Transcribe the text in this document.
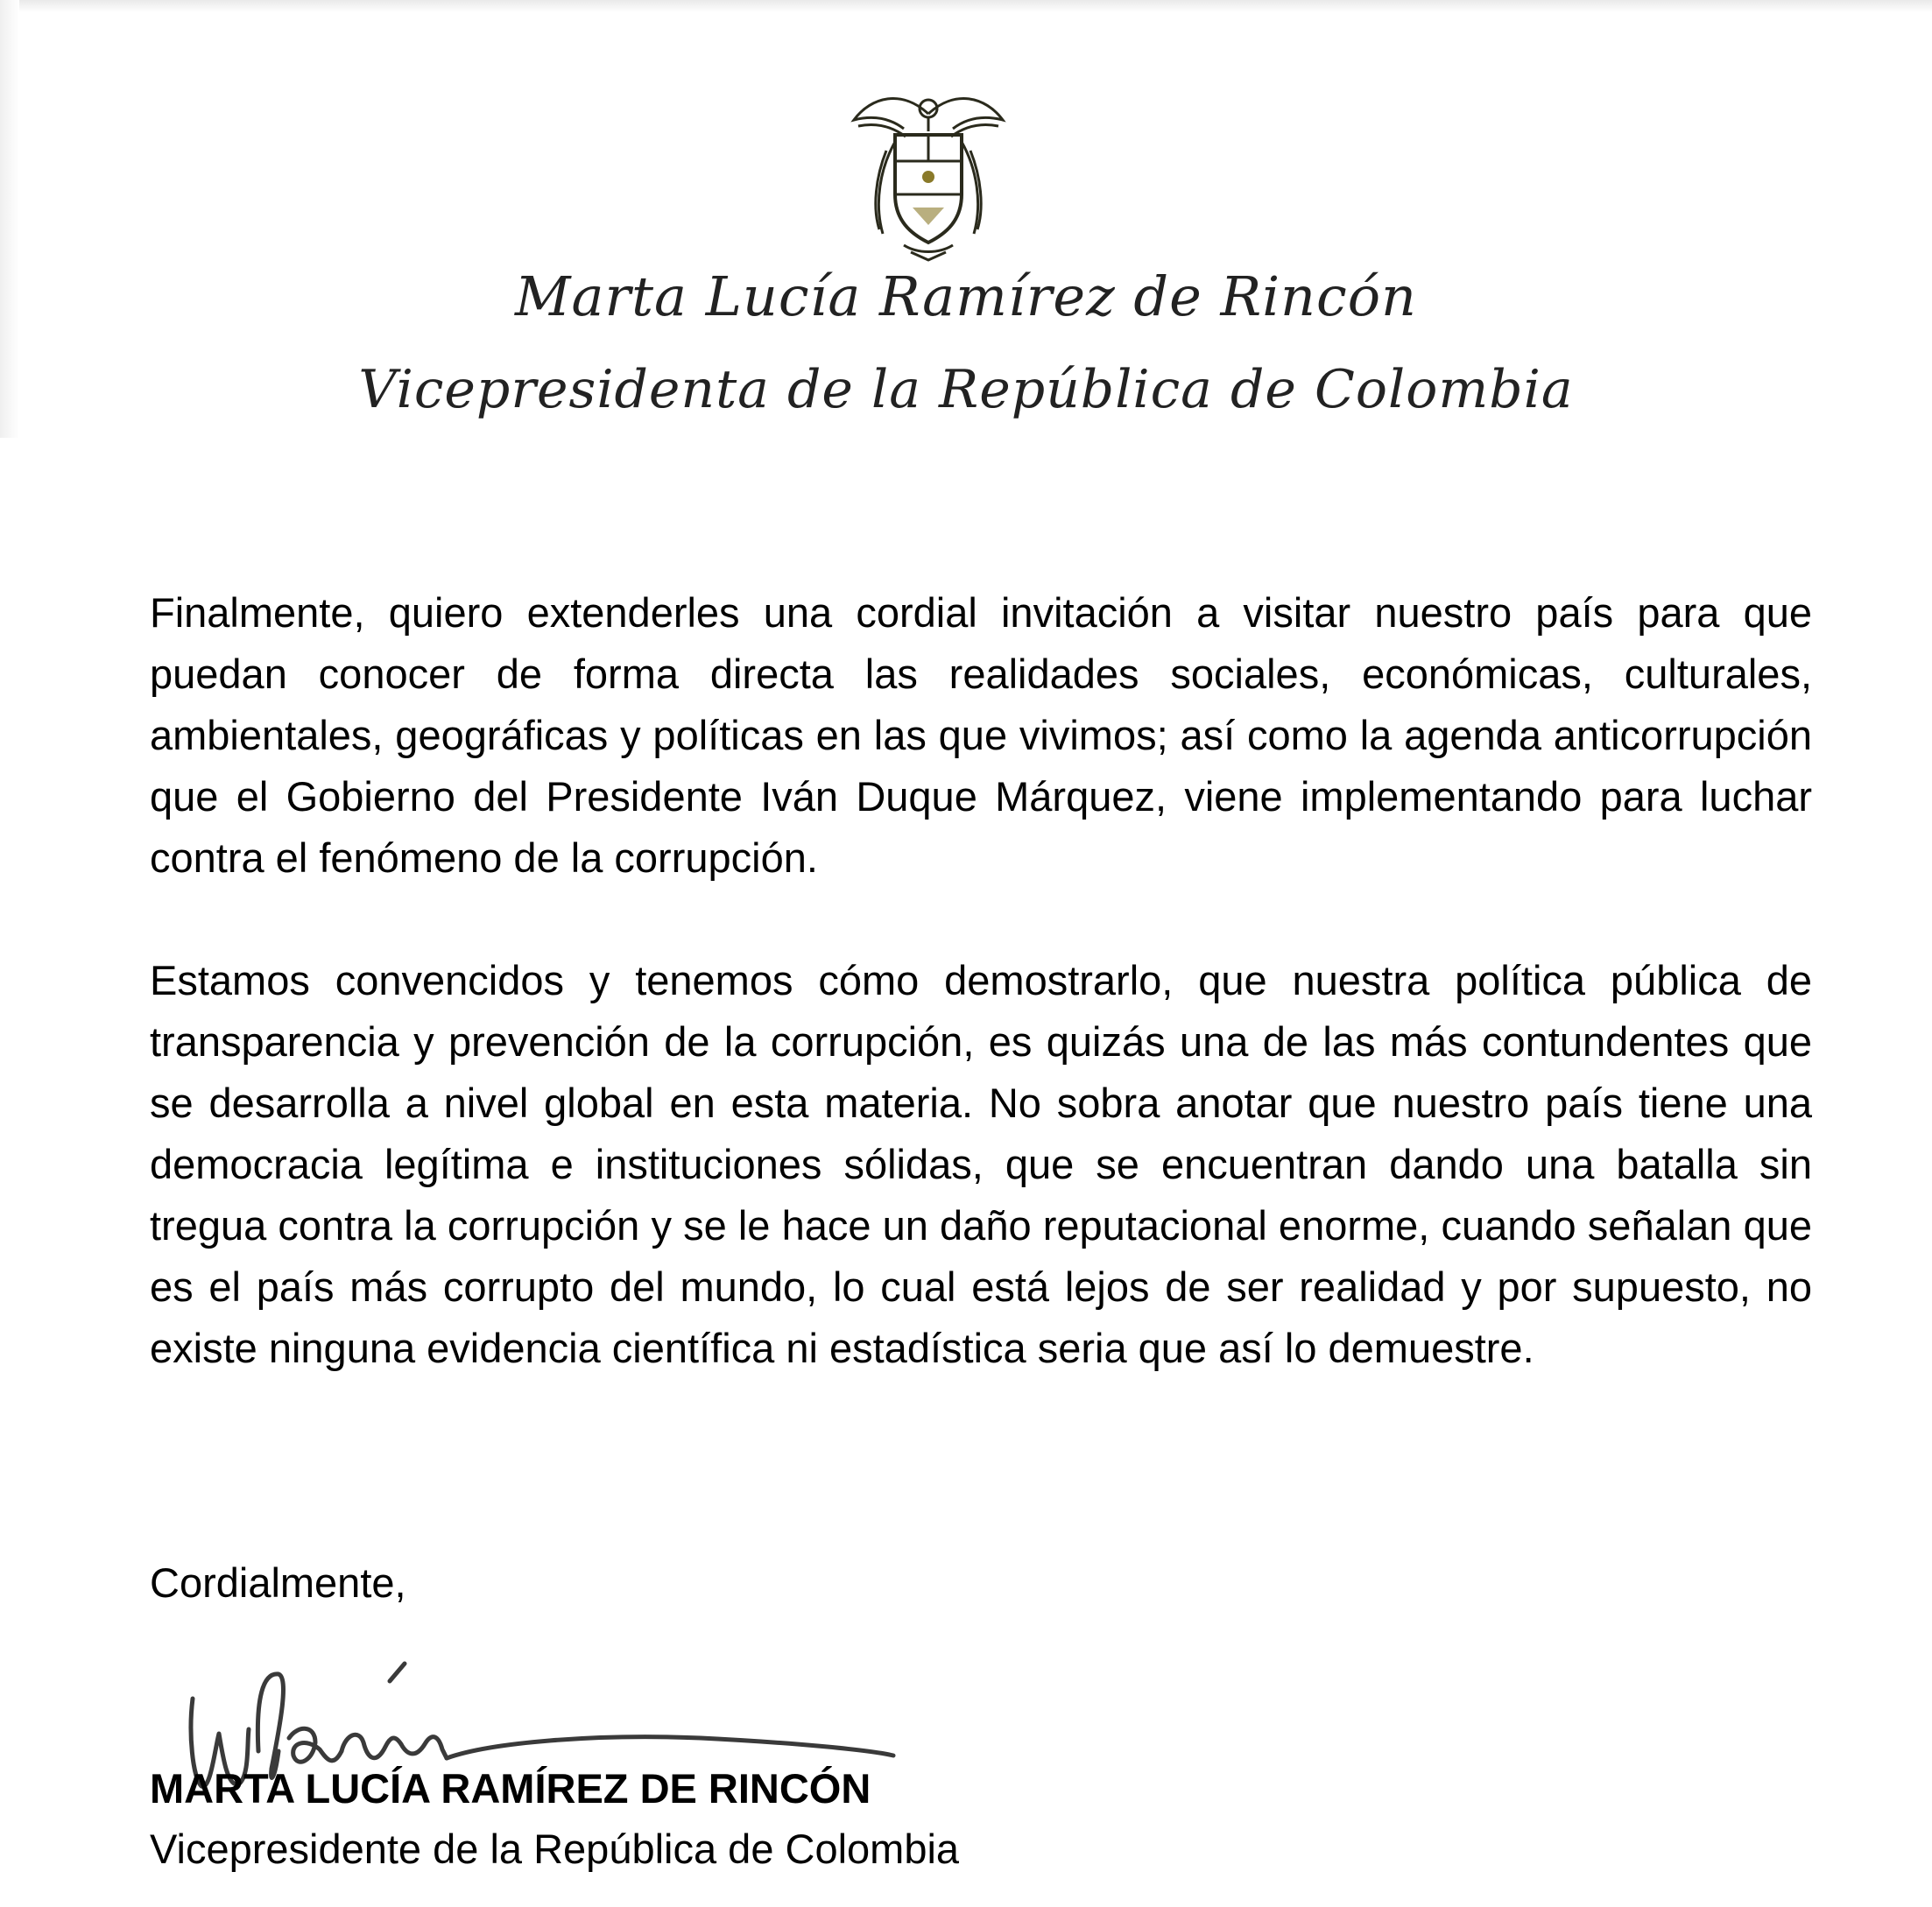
Marta Lucía Ramírez de Rincón
Vicepresidenta de la República de Colombia

Finalmente, quiero extenderles una cordial invitación a visitar nuestro país para que puedan conocer de forma directa las realidades sociales, económicas, culturales, ambientales, geográficas y políticas en las que vivimos; así como la agenda anticorrupción que el Gobierno del Presidente Iván Duque Márquez, viene implementando para luchar contra el fenómeno de la corrupción.

Estamos convencidos y tenemos cómo demostrarlo, que nuestra política pública de transparencia y prevención de la corrupción, es quizás una de las más contundentes que se desarrolla a nivel global en esta materia. No sobra anotar que nuestro país tiene una democracia legítima e instituciones sólidas, que se encuentran dando una batalla sin tregua contra la corrupción y se le hace un daño reputacional enorme, cuando señalan que es el país más corrupto del mundo, lo cual está lejos de ser realidad y por supuesto, no existe ninguna evidencia científica ni estadística seria que así lo demuestre.

Cordialmente,

MARTA LUCÍA RAMÍREZ DE RINCÓN

Vicepresidente de la República de Colombia
